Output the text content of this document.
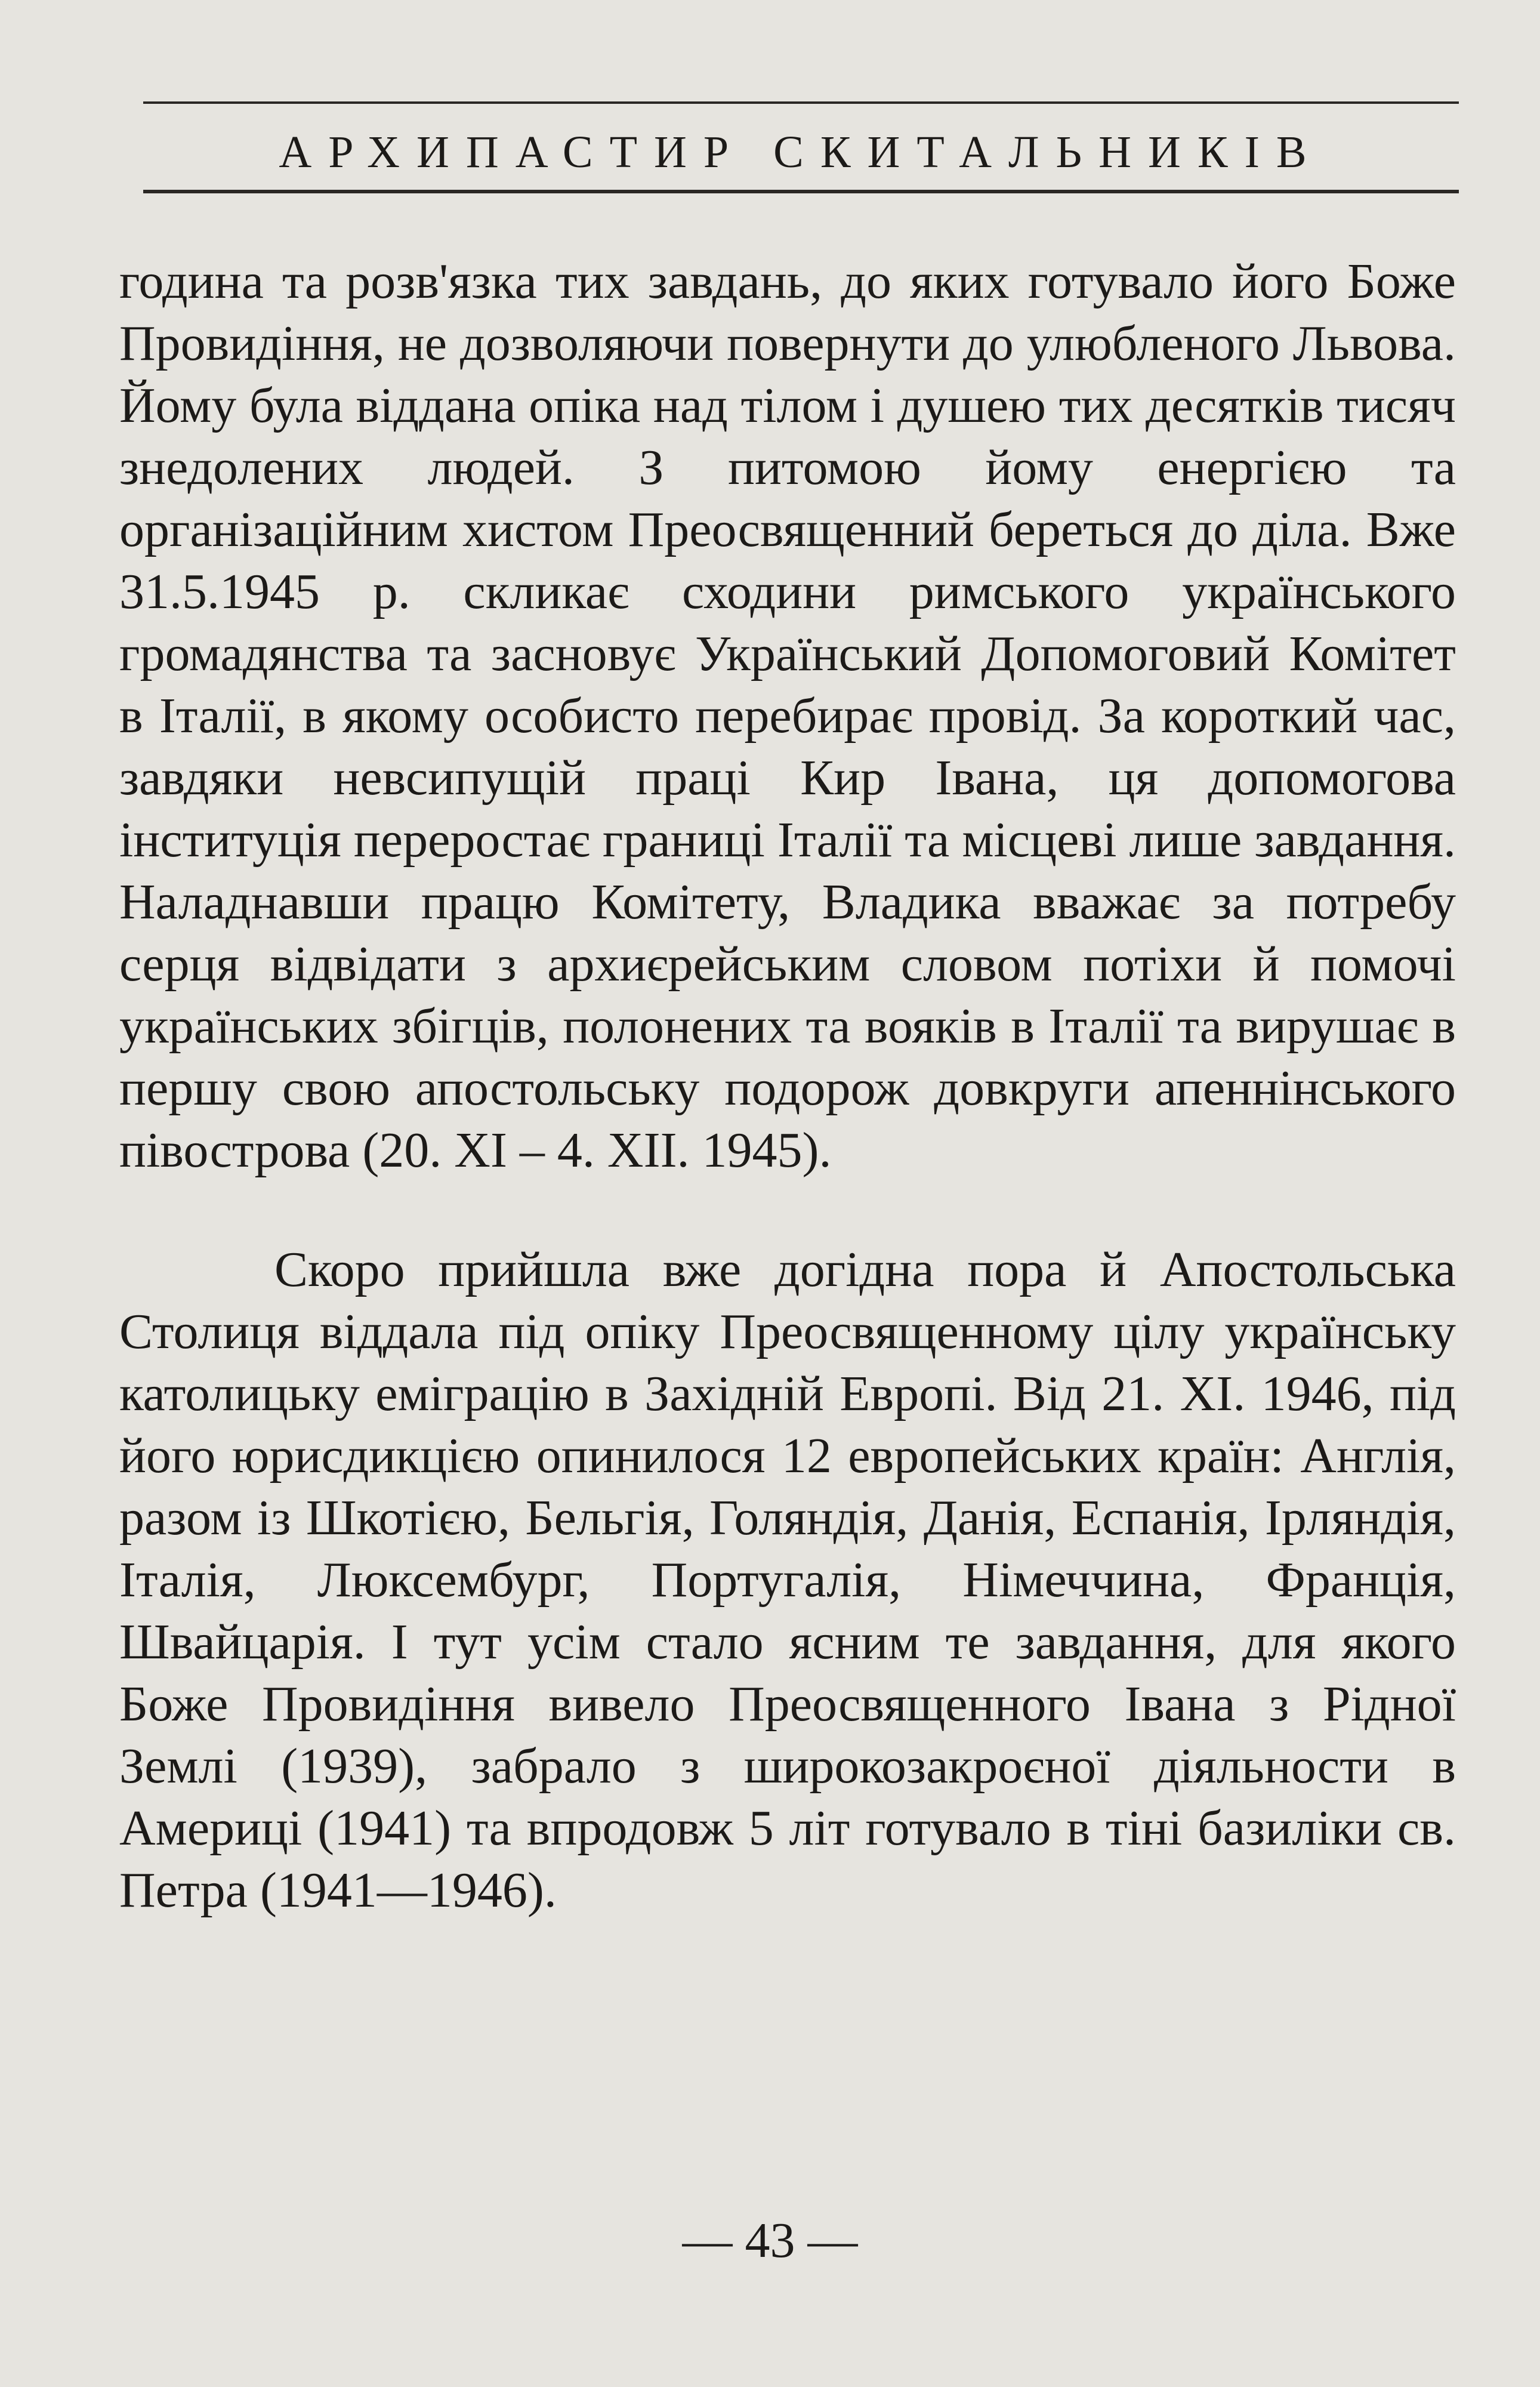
АРХИПАСТИР СКИТАЛЬНИКІВ

година та розв'язка тих завдань, до яких готувало його Боже Провидіння, не дозволяючи повернути до улюбленого Львова. Йому була віддана опіка над тілом і душею тих десятків тисяч знедолених людей. З питомою йому енергією та організаційним хистом Преосвященний береться до діла. Вже 31.5.1945 р. скликає сходини римського українського громадянства та засновує Український Допомоговий Комітет в Італії, в якому особисто перебирає провід. За короткий час, завдяки невсипущій праці Кир Івана, ця допомогова інституція переростає границі Італії та місцеві лише завдання. Наладнавши працю Комітету, Владика вважає за потребу серця відвідати з архиєрейським словом потіхи й помочі українських збігців, полонених та вояків в Італії та вирушає в першу свою апостольську подорож довкруги апеннінського півострова (20. XI – 4. XII. 1945).

Скоро прийшла вже догідна пора й Апостольська Столиця віддала під опіку Преосвященному цілу українську католицьку еміграцію в Західній Европі. Від 21. XI. 1946, під його юрисдикцією опинилося 12 европейських країн: Англія, разом із Шкотією, Бельгія, Голяндія, Данія, Еспанія, Ірляндія, Італія, Люксембург, Португалія, Німеччина, Франція, Швайцарія. І тут усім стало ясним те завдання, для якого Боже Провидіння вивело Преосвященного Івана з Рідної Землі (1939), забрало з широкозакроєної діяльности в Америці (1941) та впродовж 5 літ готувало в тіні базиліки св. Петра (1941—1946).

— 43 —
